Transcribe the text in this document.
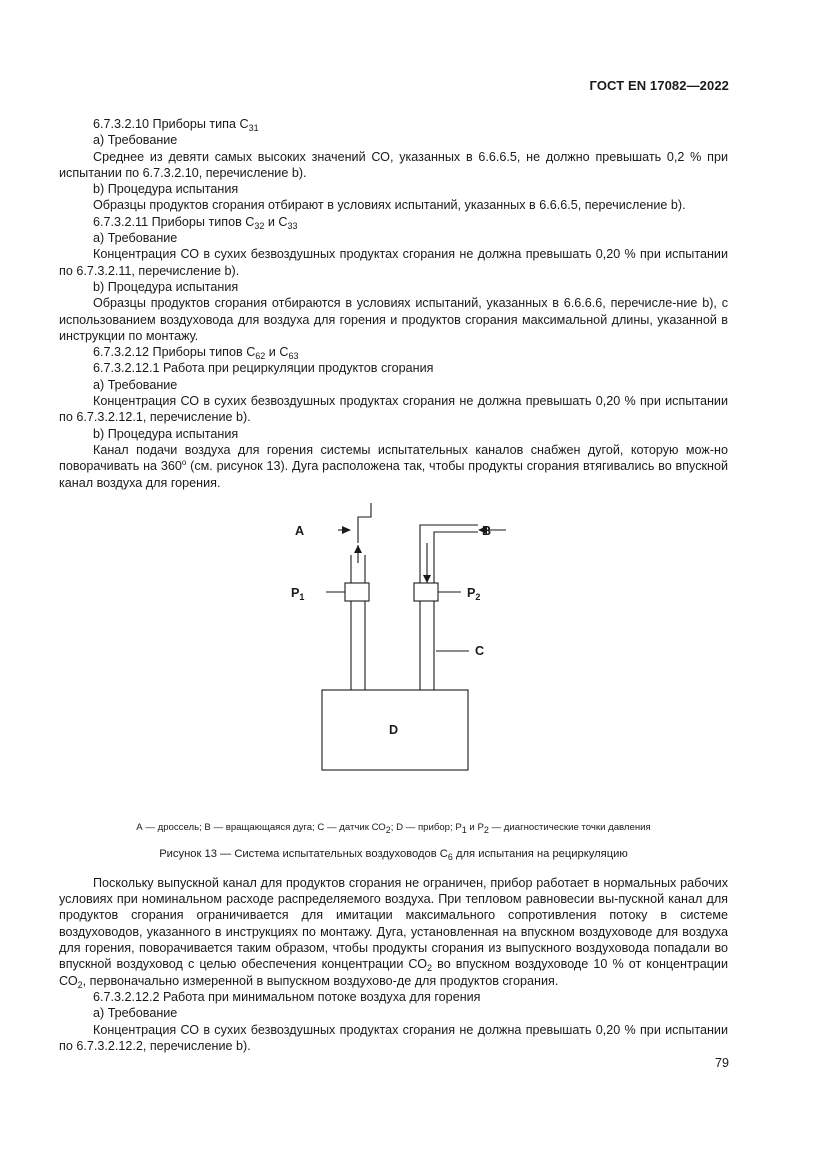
ГОСТ EN 17082—2022

6.7.3.2.10 Приборы типа $С_{31}$

а) Требование

Среднее из девяти самых высоких значений СО, указанных в 6.6.6.5, не должно превышать 0,2 % при испытании по 6.7.3.2.10, перечисление b).

b) Процедура испытания

Образцы продуктов сгорания отбирают в условиях испытаний, указанных в 6.6.6.5, перечисление b).

6.7.3.2.11 Приборы типов $С_{32}$ и $С_{33}$

а) Требование

Концентрация СО в сухих безвоздушных продуктах сгорания не должна превышать 0,20 % при испытании по 6.7.3.2.11, перечисление b).

b) Процедура испытания

Образцы продуктов сгорания отбираются в условиях испытаний, указанных в 6.6.6.6, перечисле-ние b), с использованием воздуховода для воздуха для горения и продуктов сгорания максимальной длины, указанной в инструкции по монтажу.

6.7.3.2.12 Приборы типов $С_{62}$ и $С_{63}$

6.7.3.2.12.1 Работа при рециркуляции продуктов сгорания

а) Требование

Концентрация СО в сухих безвоздушных продуктах сгорания не должна превышать 0,20 % при испытании по 6.7.3.2.12.1, перечисление b).

b) Процедура испытания

Канал подачи воздуха для горения системы испытательных каналов снабжен дугой, которую мож-но поворачивать на $360^о$ (см. рисунок 13). Дуга расположена так, чтобы продукты сгорания втягивались во впускной канал воздуха для горения.

A	B
C
D
$P_1$	$P_2$

А — дроссель; В — вращающаяся дуга; С — датчик $СО_2$; D — прибор; $Р_1$ и $Р_2$ — диагностические точки давления

Рисунок 13 — Система испытательных воздуховодов $С_6$ для испытания на рециркуляцию

Поскольку выпускной канал для продуктов сгорания не ограничен, прибор работает в нормальных рабочих условиях при номинальном расходе распределяемого воздуха. При тепловом равновесии вы-пускной канал для продуктов сгорания ограничивается для имитации максимального сопротивления потоку в системе воздуховодов, указанного в инструкциях по монтажу. Дуга, установленная на впускном воздуховоде для воздуха для горения, поворачивается таким образом, чтобы продукты сгорания из выпускного воздуховода попадали во впускной воздуховод с целью обеспечения концентрации $СО_2$ во впускном воздуховоде 10 % от концентрации $СО_2$, первоначально измеренной в выпускном воздухово-де для продуктов сгорания.

6.7.3.2.12.2 Работа при минимальном потоке воздуха для горения

а) Требование

Концентрация СО в сухих безвоздушных продуктах сгорания не должна превышать 0,20 % при испытании по 6.7.3.2.12.2, перечисление b).

79
